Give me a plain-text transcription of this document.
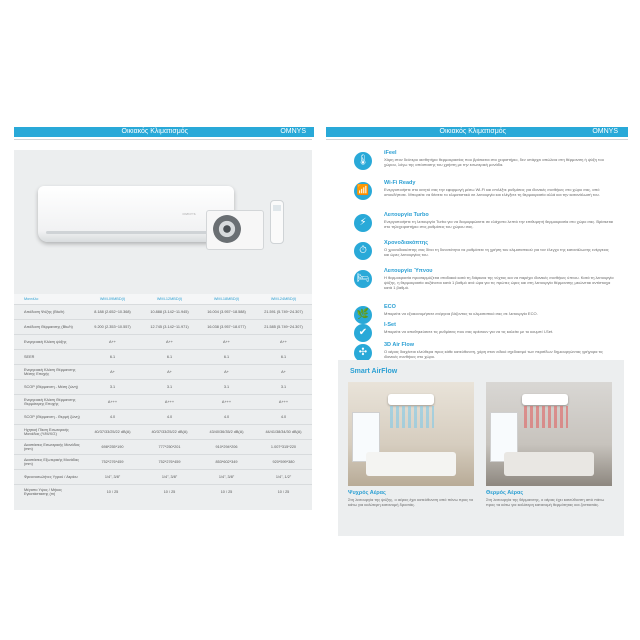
Οικιακός Κλιματισμός	OMNYS	Οικιακός Κλιματισμός	OMNYS
OMNYS
Μοντέλο	WMI-09MBD(I)	WMI-12MBD(I)	WMI-18MBD(I)	WMI-24MBD(I)
Απόδοση Ψύξης (Btu/h)	8.188 (2.652~10.368)	10.888 (3.142~11.945)	16.004 (3.957~18.588)	21.591 (5.749~24.307)
Απόδοση Θέρμανσης (Btu/h)	9.200 (2.353~10.557)	12.745 (3.142~11.971)	16.038 (3.957~18.077)	21.585 (5.749~24.307)
Ενεργειακή Κλάση ψύξης	A++	A++	A++	A++
SEER	6.1	6.1	6.1	6.1
Ενεργειακή Κλάση Θέρμανσης Μέσης Εποχής	A+	A+	A+	A+
SCOP (Θέρμανση - Μέση ζώνη)	3.1	3.1	3.1	3.1
Ενεργειακή Κλάση Θέρμανσης Θερμότερης Εποχής	A+++	A+++	A+++	A+++
SCOP (Θέρμανση - Θερμή ζώνη)	4.0	4.0	4.0	4.0
Ηχητική Πίεση Εσωτερικής Μονάδας (Υ/Μ/Χ/Σ)	40/37/33/25/22 dB(A)	40/37/33/25/22 dB(A)	43/40/36/35/2 dB(A)	44/41/38/34/30 dB(A)
Διαστάσεις Εσωτερικής Μονάδας (mm)	698*255*190	777*250*201	910*294*206	1.007*315*220
Διαστάσεις Εξωτερικής Μονάδας (mm)	752*276*459	752*276*459	853*602*349	920*599*380
Φρεονοσωλήνες Υγρού / Αερίου	1/4", 3/8"	1/4", 3/8"	1/4", 3/8"	1/4", 1/2"
Μέγιστο Υψος / Μήκος Εγκατάστασης (m)	10 / 25	10 / 25	10 / 25	10 / 25
🌡
iFeel
Χάρη στον δεύτερο αισθητήρα θερμοκρασίας που βρίσκεται στο χειριστήριο, δεν υπάρχει απώλεια στη θέρμανση ή ψύξη του χώρου, λόγω της απόστασης του χρήστη με την εσωτερική μονάδα.
📶
Wi-Fi Ready
Ενεργοποιήστε στο κινητό σας την εφαρμογή μέσω Wi-Fi και επιλέξτε ρυθμίσεις για ιδανικές συνθήκες στο χώρο σας, από οπουδήποτε. Μπορείτε να θέσετε το κλιματιστικό σε λειτουργία και ελέγξετε τη θερμοκρασία αλλά και την κατανάλωσή του.
⚡
Λειτουργία Turbo
Ενεργοποιήστε τη λειτουργία Turbo για να διαμορφώσετε σε ελάχιστο λεπτό την επιθυμητή θερμοκρασία στο χώρο σας. Βρίσκεται στο τηλεχειριστήριο στις ρυθμίσεις του χώρου σας.
⏱
Χρονοδιακόπτης
Ο χρονοδιακόπτης σας δίνει τη δυνατότητα να ρυθμίσετε τη χρήση του κλιματιστικού για τον έλεγχο της κατανάλωσης ενέργειας και ώρες λειτουργίας του.
🛏
Λειτουργία Ύπνου
Η θερμοκρασία προσαρμόζεται σταδιακά κατά τη διάρκεια της νύχτας και να παρέχει ιδανικές συνθήκες ύπνου. Κατά τη λειτουργία ψύξης, η θερμοκρασία αυξάνεται κατά 1 βαθμό ανά ώρα για τις πρώτες ώρες και στη λειτουργία θέρμανσης μειώνεται αντίστοιχα κατά 1 βαθμό.
🌿
ECO
Μπορείτε να εξοικονομήσετε ενέργεια βάζοντας το κλιματιστικό σας σε λειτουργία ECO.
✔
I-Set
Μπορείτε να αποθηκεύσετε τις ρυθμίσεις που σας αρέσουν για να τις καλείτε με το κουμπί I-Set.
✣
3D Air Flow
Ο αέρας διαχέεται ελεύθερα προς κάθε κατεύθυνση, χάρη στον ειδικό σχεδιασμό των περσίδων δημιουργώντας γρήγορα τις ιδανικές συνθήκες στο χώρο.
Smart AirFlow
Ψυχρός Αέρας
Στη λειτουργία της ψύξης, ο αέρας έχει κατεύθυνση από πάνω προς τα κάτω για καλύτερη κατανομή δροσιάς.
Θερμός Αέρας
Στη λειτουργία της θέρμανσης, ο αέρας έχει κατεύθυνση από πάνω προς τα κάτω για καλύτερη κατανομή θερμότητας και ζεστασιάς.
